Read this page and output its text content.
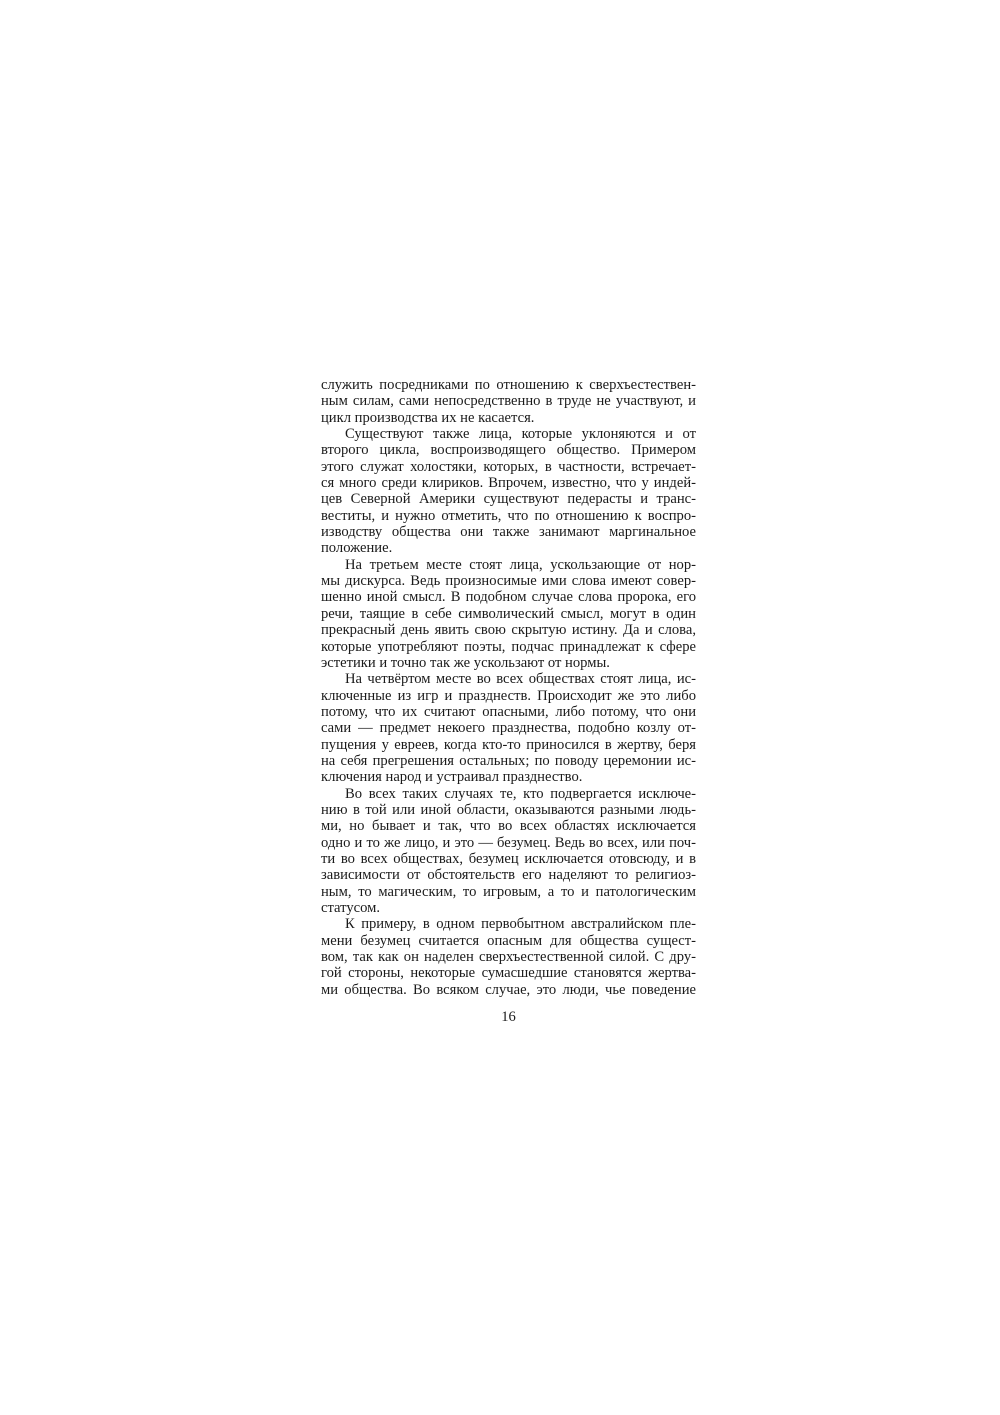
служить посредниками по отношению к сверхъестествен-
ным силам, сами непосредственно в труде не участвуют, и
цикл производства их не касается.
Существуют также лица, которые уклоняются и от
второго цикла, воспроизводящего общество. Примером
этого служат холостяки, которых, в частности, встречает-
ся много среди клириков. Впрочем, известно, что у индей-
цев Северной Америки существуют педерасты и транс-
веститы, и нужно отметить, что по отношению к воспро-
изводству общества они также занимают маргинальное
положение.
На третьем месте стоят лица, ускользающие от нор-
мы дискурса. Ведь произносимые ими слова имеют совер-
шенно иной смысл. В подобном случае слова пророка, его
речи, таящие в себе символический смысл, могут в один
прекрасный день явить свою скрытую истину. Да и слова,
которые употребляют поэты, подчас принадлежат к сфере
эстетики и точно так же ускользают от нормы.
На четвёртом месте во всех обществах стоят лица, ис-
ключенные из игр и празднеств. Происходит же это либо
потому, что их считают опасными, либо потому, что они
сами — предмет некоего празднества, подобно козлу от-
пущения у евреев, когда кто-то приносился в жертву, беря
на себя прегрешения остальных; по поводу церемонии ис-
ключения народ и устраивал празднество.
Во всех таких случаях те, кто подвергается исключе-
нию в той или иной области, оказываются разными людь-
ми, но бывает и так, что во всех областях исключается
одно и то же лицо, и это — безумец. Ведь во всех, или поч-
ти во всех обществах, безумец исключается отовсюду, и в
зависимости от обстоятельств его наделяют то религиоз-
ным, то магическим, то игровым, а то и патологическим
статусом.
К примеру, в одном первобытном австралийском пле-
мени безумец считается опасным для общества сущест-
вом, так как он наделен сверхъестественной силой. С дру-
гой стороны, некоторые сумасшедшие становятся жертва-
ми общества. Во всяком случае, это люди, чье поведение
16
